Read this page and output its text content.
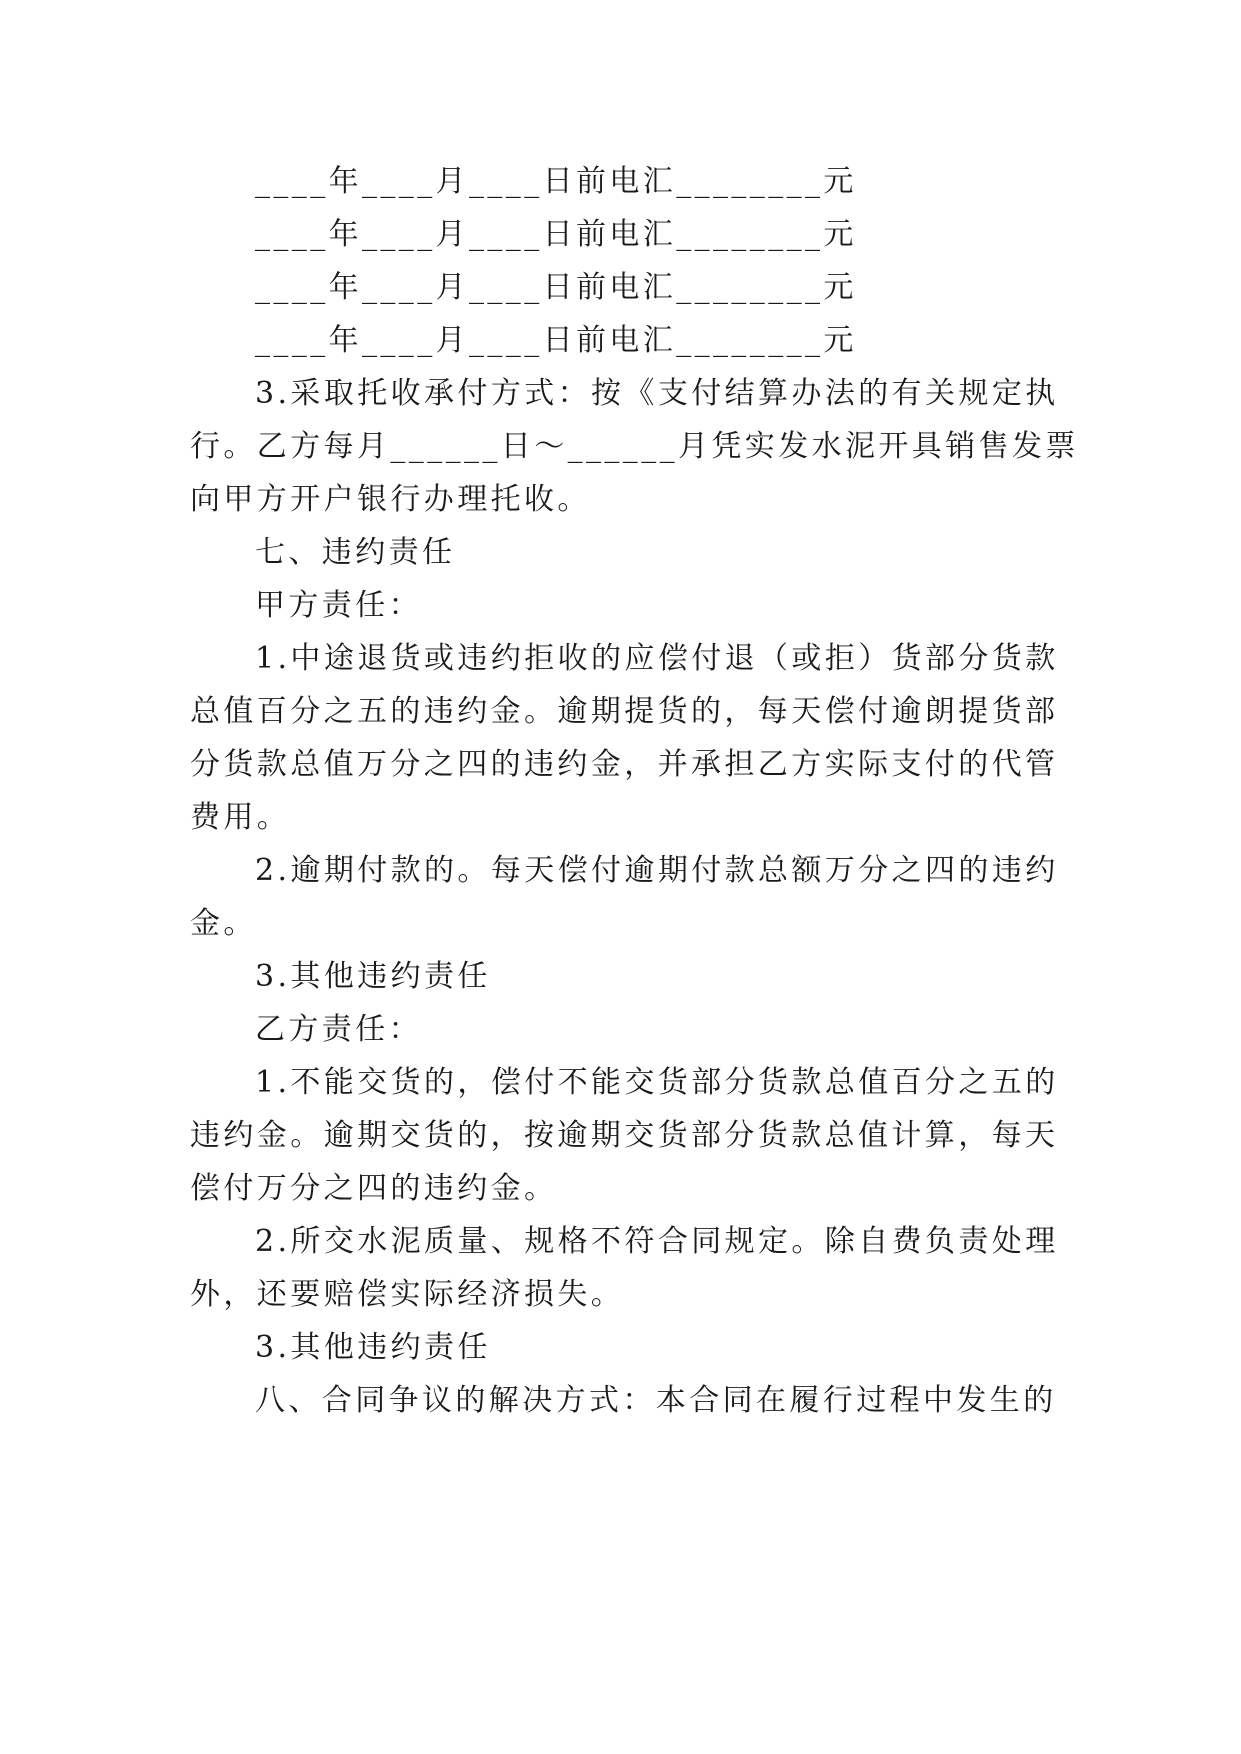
____年____月____日前电汇________元
____年____月____日前电汇________元
____年____月____日前电汇________元
____年____月____日前电汇________元
3.采取托收承付方式：按《支付结算办法的有关规定执
行。乙方每月______日～______月凭实发水泥开具销售发票
向甲方开户银行办理托收。
七、违约责任
甲方责任：
1.中途退货或违约拒收的应偿付退（或拒）货部分货款
总值百分之五的违约金。逾期提货的，每天偿付逾朗提货部
分货款总值万分之四的违约金，并承担乙方实际支付的代管
费用。
2.逾期付款的。每天偿付逾期付款总额万分之四的违约
金。
3.其他违约责任
乙方责任：
1.不能交货的，偿付不能交货部分货款总值百分之五的
违约金。逾期交货的，按逾期交货部分货款总值计算，每天
偿付万分之四的违约金。
2.所交水泥质量、规格不符合同规定。除自费负责处理
外，还要赔偿实际经济损失。
3.其他违约责任
八、合同争议的解决方式：本合同在履行过程中发生的
